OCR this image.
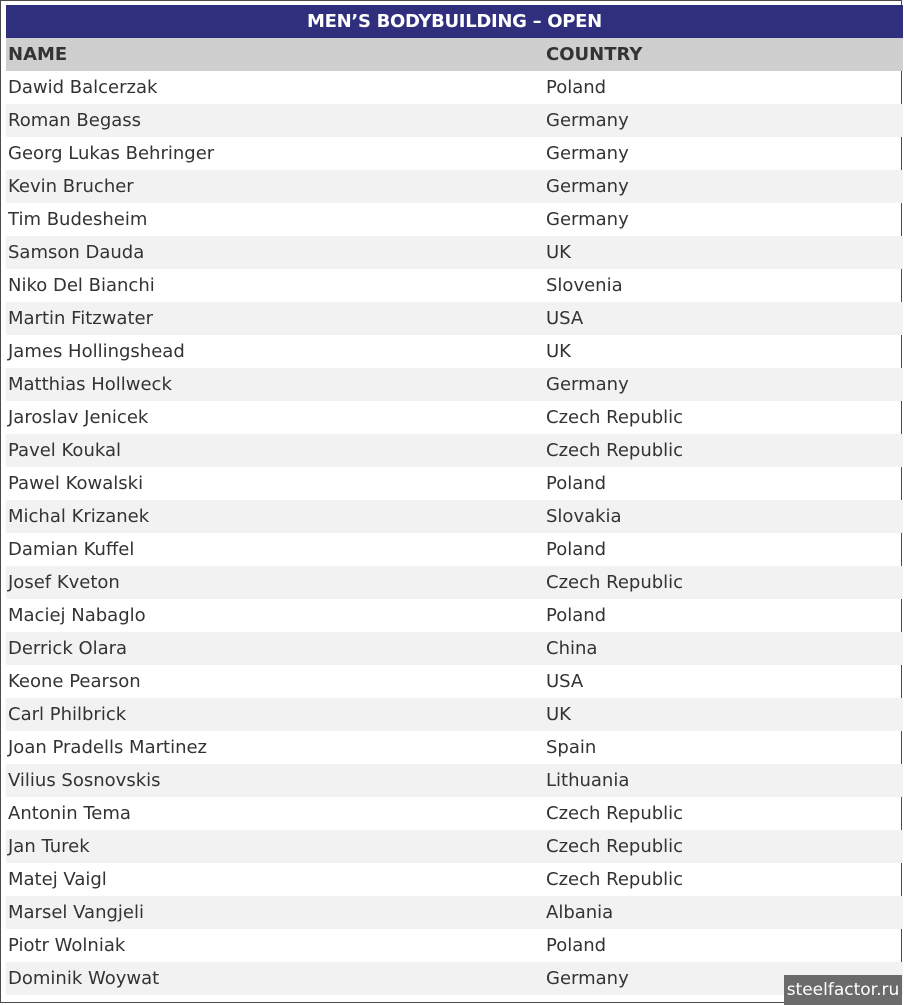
MEN’S BODYBUILDING – OPEN
NAME	COUNTRY
Dawid Balcerzak	Poland
Roman Begass	Germany
Georg Lukas Behringer	Germany
Kevin Brucher	Germany
Tim Budesheim	Germany
Samson Dauda	UK
Niko Del Bianchi	Slovenia
Martin Fitzwater	USA
James Hollingshead	UK
Matthias Hollweck	Germany
Jaroslav Jenicek	Czech Republic
Pavel Koukal	Czech Republic
Pawel Kowalski	Poland
Michal Krizanek	Slovakia
Damian Kuffel	Poland
Josef Kveton	Czech Republic
Maciej Nabaglo	Poland
Derrick Olara	China
Keone Pearson	USA
Carl Philbrick	UK
Joan Pradells Martinez	Spain
Vilius Sosnovskis	Lithuania
Antonin Tema	Czech Republic
Jan Turek	Czech Republic
Matej Vaigl	Czech Republic
Marsel Vangjeli	Albania
Piotr Wolniak	Poland
Dominik Woywat	Germany
steelfactor.ru
